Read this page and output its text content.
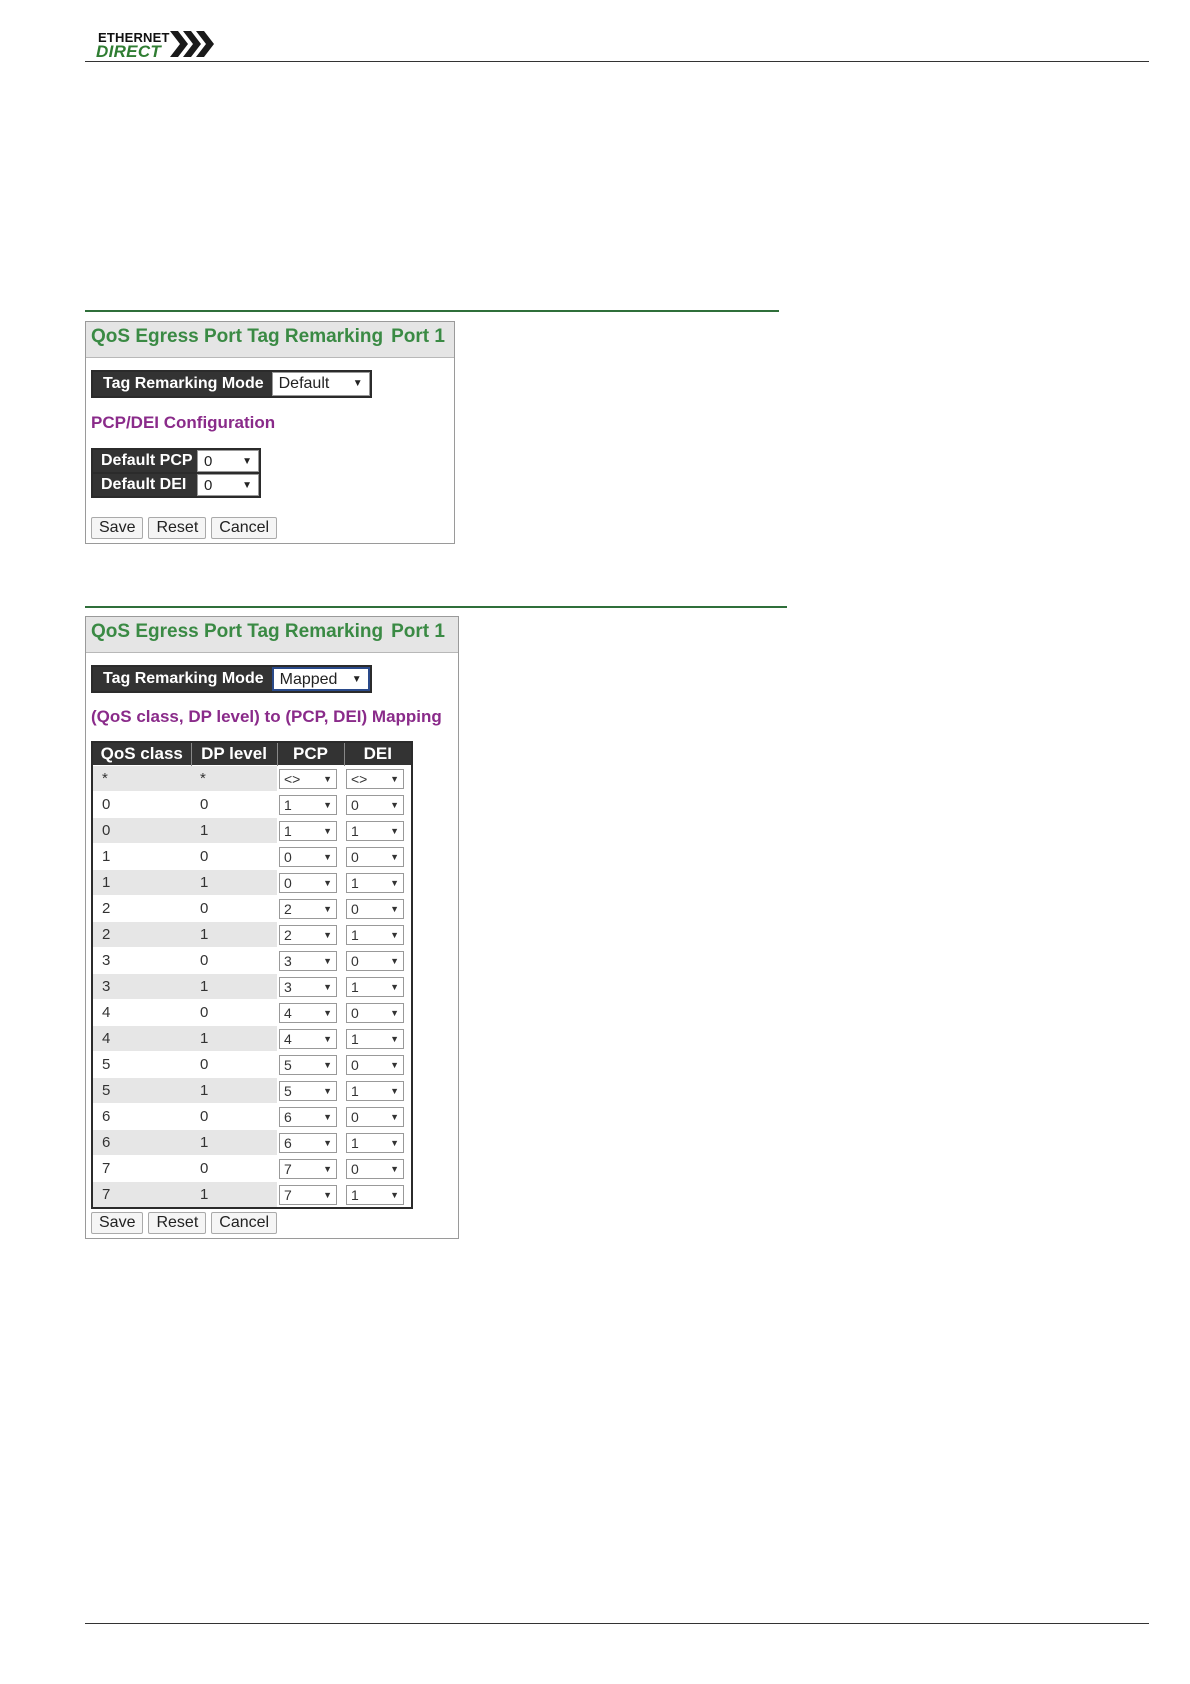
ETHERNET
DIRECT
QoS Egress Port Tag Remarking Port 1
Tag Remarking Mode Default ▼
PCP/DEI Configuration
Default PCP 0	▼
Default DEI	0	▼
Save	Reset	Cancel
QoS Egress Port Tag Remarking Port 1
Tag Remarking Mode	Mapped ▼
(QoS class, DP level) to (PCP, DEI) Mapping
QoS class	DP level	PCP	DEI
*	*	<> ▼	<> ▼

0	0	1 ▼	0 ▼

0	1	1 ▼	1 ▼

1	0	0 ▼	0 ▼

1	1	0 ▼	1 ▼

2	0	2 ▼	0 ▼

2	1	2 ▼	1 ▼

3	0	3 ▼	0 ▼

3	1	3 ▼	1 ▼

4	0	4 ▼	0 ▼

4	1	4 ▼	1 ▼

5	0	5 ▼	0 ▼

5	1	5 ▼	1 ▼

6	0	6 ▼	0 ▼

6	1	6 ▼	1 ▼

7	0	7 ▼	0 ▼

7	1	7 ▼	1 ▼
Save	Reset	Cancel
